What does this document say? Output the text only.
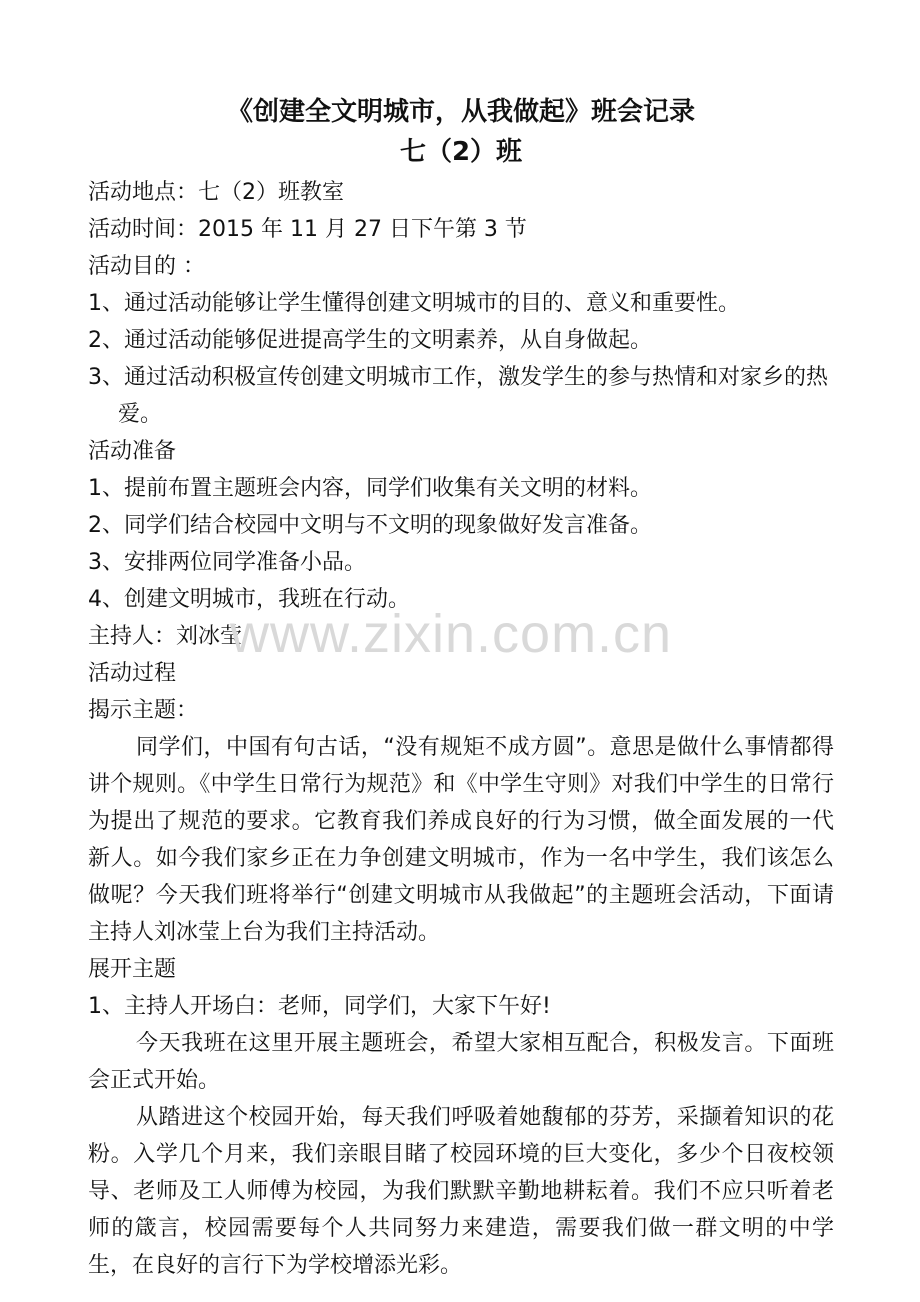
《创建全文明城市，从我做起》班会记录

七（2）班

活动地点：七（2）班教室

活动时间：2015 年 11 月 27 日下午第 3 节

活动目的 ：

1、通过活动能够让学生懂得创建文明城市的目的、意义和重要性。

2、通过活动能够促进提高学生的文明素养，从自身做起。

3、通过活动积极宣传创建文明城市工作，激发学生的参与热情和对家乡的热爱。

活动准备

1、提前布置主题班会内容，同学们收集有关文明的材料。

2、同学们结合校园中文明与不文明的现象做好发言准备。

3、安排两位同学准备小品。

4、创建文明城市，我班在行动。

主持人：刘冰莹

活动过程

揭示主题：

同学们，中国有句古话，“没有规矩不成方圆”。意思是做什么事情都得讲个规则。《中学生日常行为规范》和《中学生守则》对我们中学生的日常行为提出了规范的要求。它教育我们养成良好的行为习惯，做全面发展的一代新人。如今我们家乡正在力争创建文明城市，作为一名中学生，我们该怎么做呢？今天我们班将举行“创建文明城市从我做起”的主题班会活动，下面请主持人刘冰莹上台为我们主持活动。

展开主题

1、主持人开场白：老师，同学们，大家下午好!

今天我班在这里开展主题班会，希望大家相互配合，积极发言。下面班会正式开始。

从踏进这个校园开始，每天我们呼吸着她馥郁的芬芳，采撷着知识的花粉。入学几个月来，我们亲眼目睹了校园环境的巨大变化，多少个日夜校领导、老师及工人师傅为校园，为我们默默辛勤地耕耘着。我们不应只听着老师的箴言，校园需要每个人共同努力来建造，需要我们做一群文明的中学生，在良好的言行下为学校增添光彩。

www.zixin.com.cn
